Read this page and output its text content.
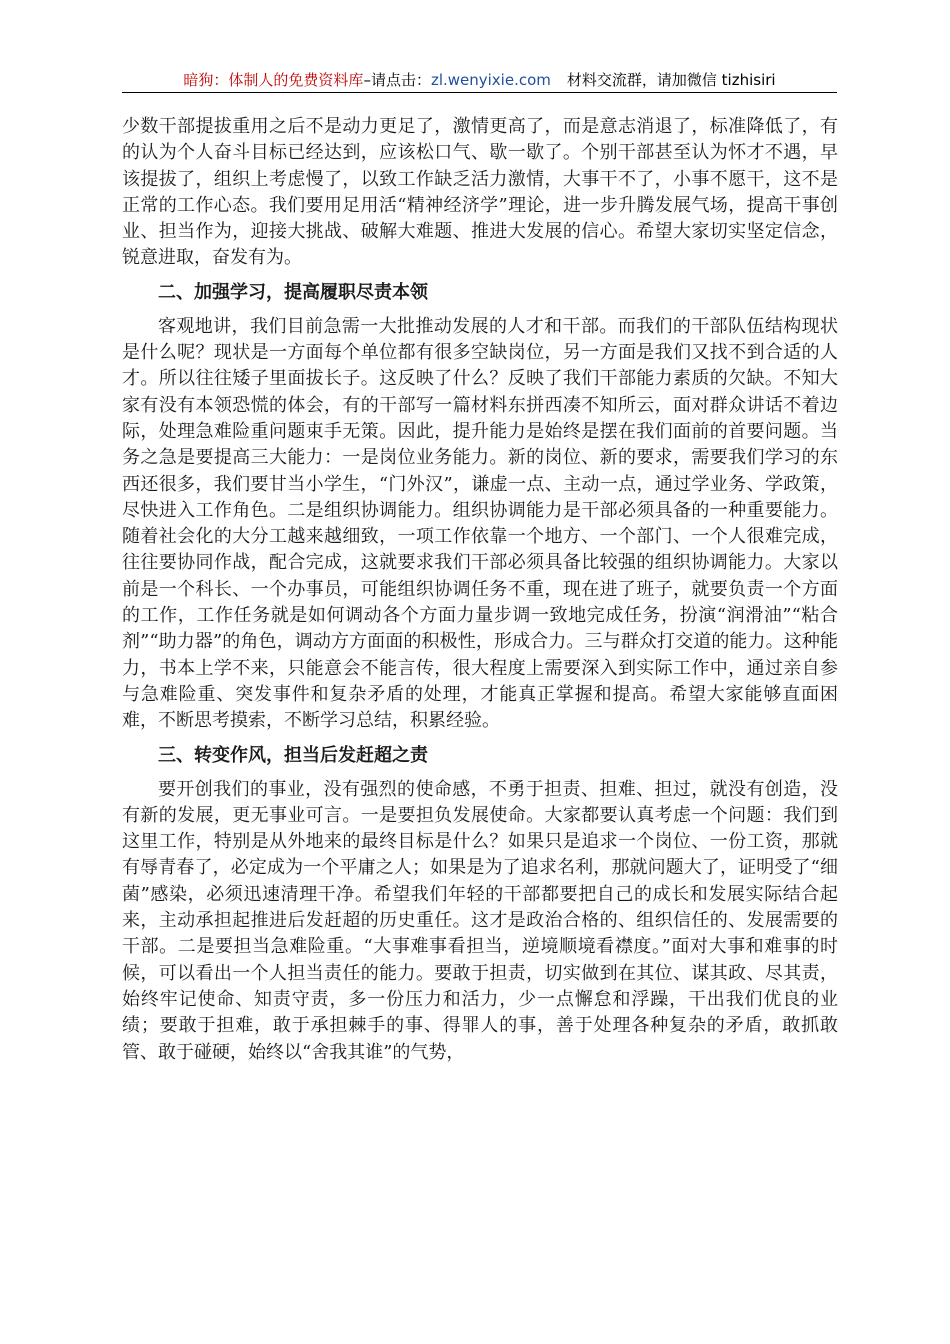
暗狗：体制人的免费资料库–请点击：zl.wenyixie.com 材料交流群，请加微信 tizhisiri

少数干部提拔重用之后不是动力更足了，激情更高了，而是意志消退了，标准降低了，有的认为个人奋斗目标已经达到，应该松口气、歇一歇了。个别干部甚至认为怀才不遇，早该提拔了，组织上考虑慢了，以致工作缺乏活力激情，大事干不了，小事不愿干，这不是正常的工作心态。我们要用足用活“精神经济学”理论，进一步升腾发展气场，提高干事创业、担当作为，迎接大挑战、破解大难题、推进大发展的信心。希望大家切实坚定信念，锐意进取，奋发有为。

二、加强学习，提高履职尽责本领

客观地讲，我们目前急需一大批推动发展的人才和干部。而我们的干部队伍结构现状是什么呢？现状是一方面每个单位都有很多空缺岗位，另一方面是我们又找不到合适的人才。所以往往矮子里面拔长子。这反映了什么？反映了我们干部能力素质的欠缺。不知大家有没有本领恐慌的体会，有的干部写一篇材料东拼西凑不知所云，面对群众讲话不着边际，处理急难险重问题束手无策。因此，提升能力是始终是摆在我们面前的首要问题。当务之急是要提高三大能力：一是岗位业务能力。新的岗位、新的要求，需要我们学习的东西还很多，我们要甘当小学生，“门外汉”，谦虚一点、主动一点，通过学业务、学政策，尽快进入工作角色。二是组织协调能力。组织协调能力是干部必须具备的一种重要能力。随着社会化的大分工越来越细致，一项工作依靠一个地方、一个部门、一个人很难完成，往往要协同作战，配合完成，这就要求我们干部必须具备比较强的组织协调能力。大家以前是一个科长、一个办事员，可能组织协调任务不重，现在进了班子，就要负责一个方面的工作，工作任务就是如何调动各个方面力量步调一致地完成任务，扮演“润滑油”“粘合剂”“助力器”的角色，调动方方面面的积极性，形成合力。三与群众打交道的能力。这种能力，书本上学不来，只能意会不能言传，很大程度上需要深入到实际工作中，通过亲自参与急难险重、突发事件和复杂矛盾的处理，才能真正掌握和提高。希望大家能够直面困难，不断思考摸索，不断学习总结，积累经验。

三、转变作风，担当后发赶超之责

要开创我们的事业，没有强烈的使命感，不勇于担责、担难、担过，就没有创造，没有新的发展，更无事业可言。一是要担负发展使命。大家都要认真考虑一个问题：我们到这里工作，特别是从外地来的最终目标是什么？如果只是追求一个岗位、一份工资，那就有辱青春了，必定成为一个平庸之人；如果是为了追求名利，那就问题大了，证明受了“细菌”感染，必须迅速清理干净。希望我们年轻的干部都要把自己的成长和发展实际结合起来，主动承担起推进后发赶超的历史重任。这才是政治合格的、组织信任的、发展需要的干部。二是要担当急难险重。“大事难事看担当，逆境顺境看襟度。”面对大事和难事的时候，可以看出一个人担当责任的能力。要敢于担责，切实做到在其位、谋其政、尽其责，始终牢记使命、知责守责，多一份压力和活力，少一点懈怠和浮躁，干出我们优良的业绩；要敢于担难，敢于承担棘手的事、得罪人的事，善于处理各种复杂的矛盾，敢抓敢管、敢于碰硬，始终以“舍我其谁”的气势，
